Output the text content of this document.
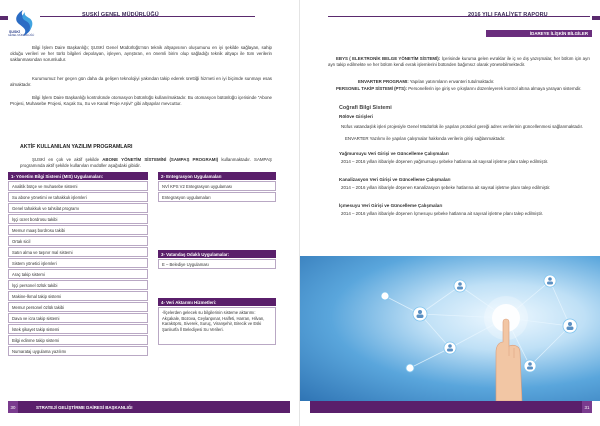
ŞUSKİ
GENEL MÜDÜRLÜĞÜ
ŞUSKİ GENEL MÜDÜRLÜĞÜ
Bilgi İşlem Daire Başkanlığı; ŞUSKİ Genel Müdürlüğü’nün teknik altyapısının oluşumunu en iyi şekilde sağlayan, sahip olduğu verileri ve her türlü bilgileri depolayan, işleyen, aynştıran, en önemli birim olup sağladığı teknik altyapı ile tüm verilerin saklanmasından sorumludur.
Kurumumuz her geçen gün daha da gelişen teknolojiyi yakından takip ederek ürettiği hizmeti en iyi biçimde sunmayı esas almaktadır.
Bilgi İşlem Daire Başkanlığı kontrolünde otomasyon bütünlüğü kullanılmaktadır. Bu otomasyon bütünlüğü içerisinde “Abone Projesi, Muhasebe Projesi, Kaçak Su, Su ve Kanal Proje Arşivi” gibi altyapılar mevcuttur.
AKTİF KULLANILAN YAZILIM PROGRAMLARI
ŞUSKİ en çok ve aktif şekilde ABONE YÖNETİM SİSTEMİNİ (SAMPAŞ PROGRAMI) kullanmaktadır. SAMPAŞ programında aktif şekilde kullanılan modüller aşağıdaki gibidir.
1- Yönetim Bilgi Sistemi (MIS) Uygulamaları:
Analitik bütçe ve muhasebe sistemi
Su abone yönetimi ve tahakkuk işlemleri
Genel tahakkuk ve tahsilat programı
İşçi ücret bordrosu takibi
Memur maaş bordrosu takibi
Ortak sicil
Satın alma ve taşınır mal sistemi
Sistem yönetici işlemleri
Araç takip sistemi
İşçi personel özlük takibi
Makine-İkmal takip sistemi
Memur personel özlük takibi
Dava ve icra takip sistemi
İstek şikayet takip sistemi
Bilgi edinme takip sistemi
Numarataj uygulama yazılımı
2- Entegrasyon Uygulamaları
NVİ KPS V2 Entegrasyon uygulaması
Entegrasyon uygulamaları
3- Vatandaş Odaklı Uygulamalar:
E – Belediye Uygulaması
4- Veri Aktarımı Hizmetleri:
-İlçelerden gelecek su bilgilerinin sisteme aktarımı: Akçakale, Bozova, Ceylanpınar, Halfeti, Harran, Hilvan, Karaköprü, Siverek, Suruç, Viranşehir, Birecik ve Eski Şanlıurfa İl Belediyesi Su Verileri.
30	STRATEJİ GELİŞTİRME DAİRESİ BAŞKANLIĞI
2016 YILI FAALİYET RAPORU
İDAREYE İLİŞKİN BİLGİLER
EBYS ( ELEKTRONİK BELGE YÖNETİM SİSTEMİ): İçerisinde kuruma gelen evraklar ile iç ve dış yazışmalar, her bölüm için ayrı ayrı takip edilmekte ve her bölüm kendi evrak işlemlerini bütünden bağımsız olarak yönetebilmektedir.
ENVARTER PROGRAMI: Yapılan yatırımların envanteri tutulmaktadır.
PERSONEL TAKİP SİSTEMİ (PTS): Personellerin işe giriş ve çıkışlarını düzenleyerek kontrol altına almaya yarayan sistemdir.
Coğrafi Bilgi Sistemi
Rölöve Girişleri
Nüfus vatandaşlık işleri projesiyle Genel Müdürlük ile yapılan protokol gereği adres verilerinin güncellenmesi sağlanmaktadır.
ENVARTER Yazılımı ile yapılan çalışmalar hakkında verilerin girişi sağlanmaktadır.
Yağmursuyu Veri Girişi ve Güncelleme Çalışmaları
2014 – 2016 yılları itibariyle döşenen yağmursuyu şebeke hatlarına ait sayısal işletme planı talep edilmiştir.
Kanalizasyon Veri Girişi ve Güncelleme Çalışmaları
2014 – 2016 yılları itibariyle döşenen Kanalizasyon şebeke hatlarına ait sayısal işletme planı talep edilmiştir.
İçmesuyu Veri Girişi ve Güncelleme Çalışmaları
2014 – 2016 yılları itibariyle döşenen İçmesuyu şebeke hatlarına ait sayısal işletme planı talep edilmiştir.
31
